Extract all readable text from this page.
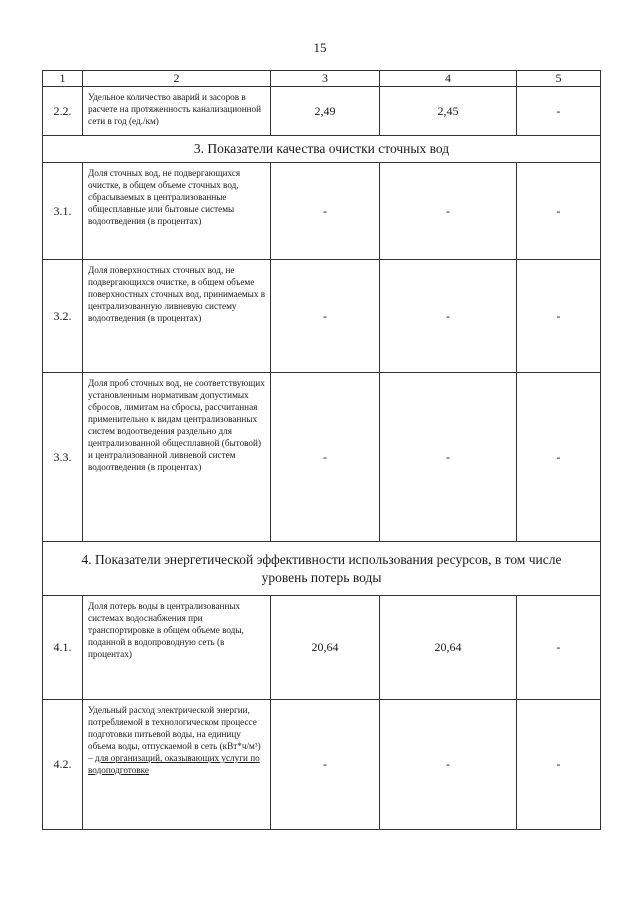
15
1	2	3	4	5
2.2.	Удельное количество аварий и засоров в расчете на протяженность канализационной сети в год (ед./км)	2,49	2,45	-
3. Показатели качества очистки сточных вод				
3.1.	Доля сточных вод, не подвергающихся очистке, в общем объеме сточных вод, сбрасываемых в централизованные общесплавные или бытовые системы водоотведения (в процентах)	-	-	-
3.2.	Доля поверхностных сточных вод, не подвергающихся очистке, в общем объеме поверхностных сточных вод, принимаемых в централизованную ливневую систему водоотведения (в процентах)	-	-	-
3.3.	Доля проб сточных вод, не соответствующих установленным нормативам допустимых сбросов, лимитам на сбросы, рассчитанная применительно к видам централизованных систем водоотведения раздельно для централизованной общесплавной (бытовой) и централизованной ливневой систем водоотведения (в процентах)	-	-	-
4. Показатели энергетической эффективности использования ресурсов, в том числе уровень потерь воды				
4.1.	Доля потерь воды в централизованных системах водоснабжения при транспортировке в общем объеме воды, поданной в водопроводную сеть (в процентах)	20,64	20,64	-
4.2.	Удельный расход электрической энергии, потребляемой в технологическом процессе подготовки питьевой воды, на единицу объема воды, отпускаемой в сеть (кВт*ч/м³) – для организаций, оказывающих услуги по водоподготовке	-	-	-
